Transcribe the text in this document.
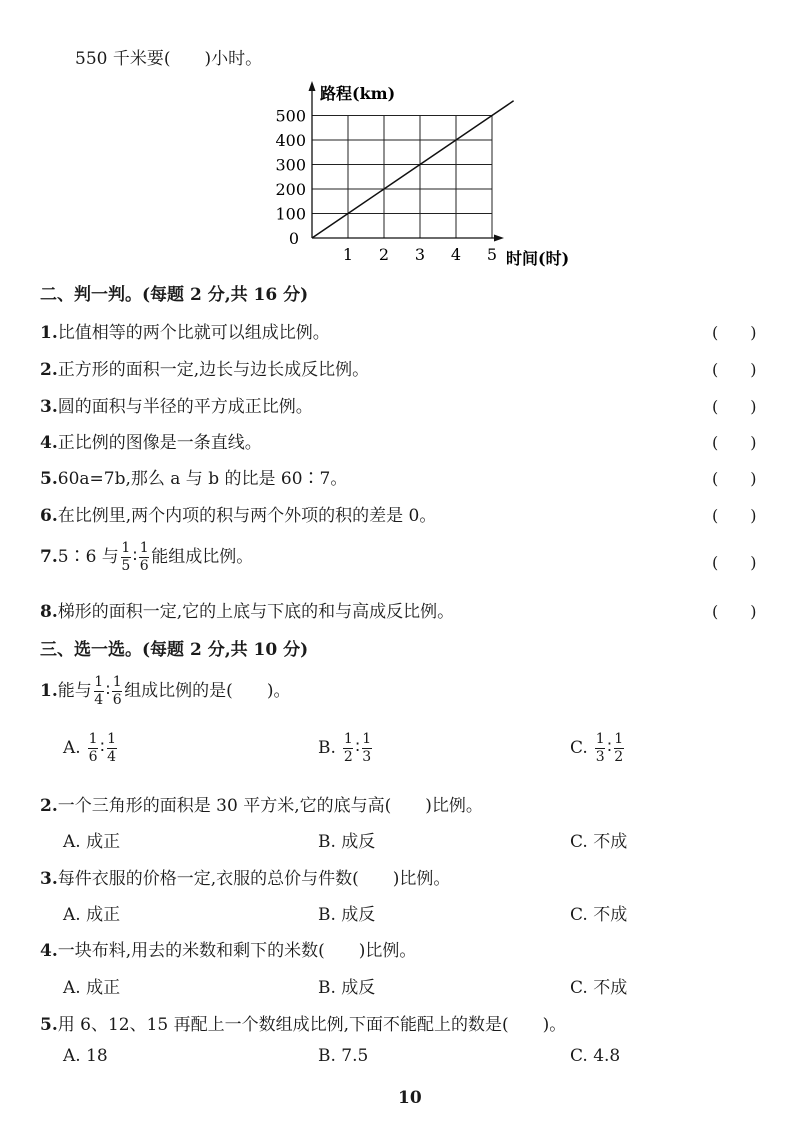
550 千米要(　　)小时。
500
400
300
200
100
0
1 2 3 4 5
路程(km)
时间(时)
二、判一判。(每题 2 分,共 16 分)
1.比值相等的两个比就可以组成比例。
2.正方形的面积一定,边长与边长成反比例。
3.圆的面积与半径的平方成正比例。
4.正比例的图像是一条直线。
5.60a=7b,那么 a 与 b 的比是 60∶7。
6.在比例里,两个内项的积与两个外项的积的差是 0。
7.5∶6 与 $\frac{1}{5}$ ∶ $\frac{1}{6}$ 能组成比例。
8.梯形的面积一定,它的上底与下底的和与高成反比例。
(　　)
(　　)
(　　)
(　　)
(　　)
(　　)
(　　)
(　　)
三、选一选。(每题 2 分,共 10 分)
1.能与 $\frac{1}{4}$ ∶ $\frac{1}{6}$ 组成比例的是(　　)。
A. $\frac{1}{6}$ ∶ $\frac{1}{4}$	B. $\frac{1}{2}$ ∶ $\frac{1}{3}$	C. $\frac{1}{3}$ ∶ $\frac{1}{2}$
2.一个三角形的面积是 30 平方米,它的底与高(　　)比例。
A. 成正	B. 成反	C. 不成
3.每件衣服的价格一定,衣服的总价与件数(　　)比例。
A. 成正	B. 成反	C. 不成
4.一块布料,用去的米数和剩下的米数(　　)比例。
A. 成正	B. 成反	C. 不成
5.用 6、12、15 再配上一个数组成比例,下面不能配上的数是(　　)。
A. 18	B. 7.5	C. 4.8
10
